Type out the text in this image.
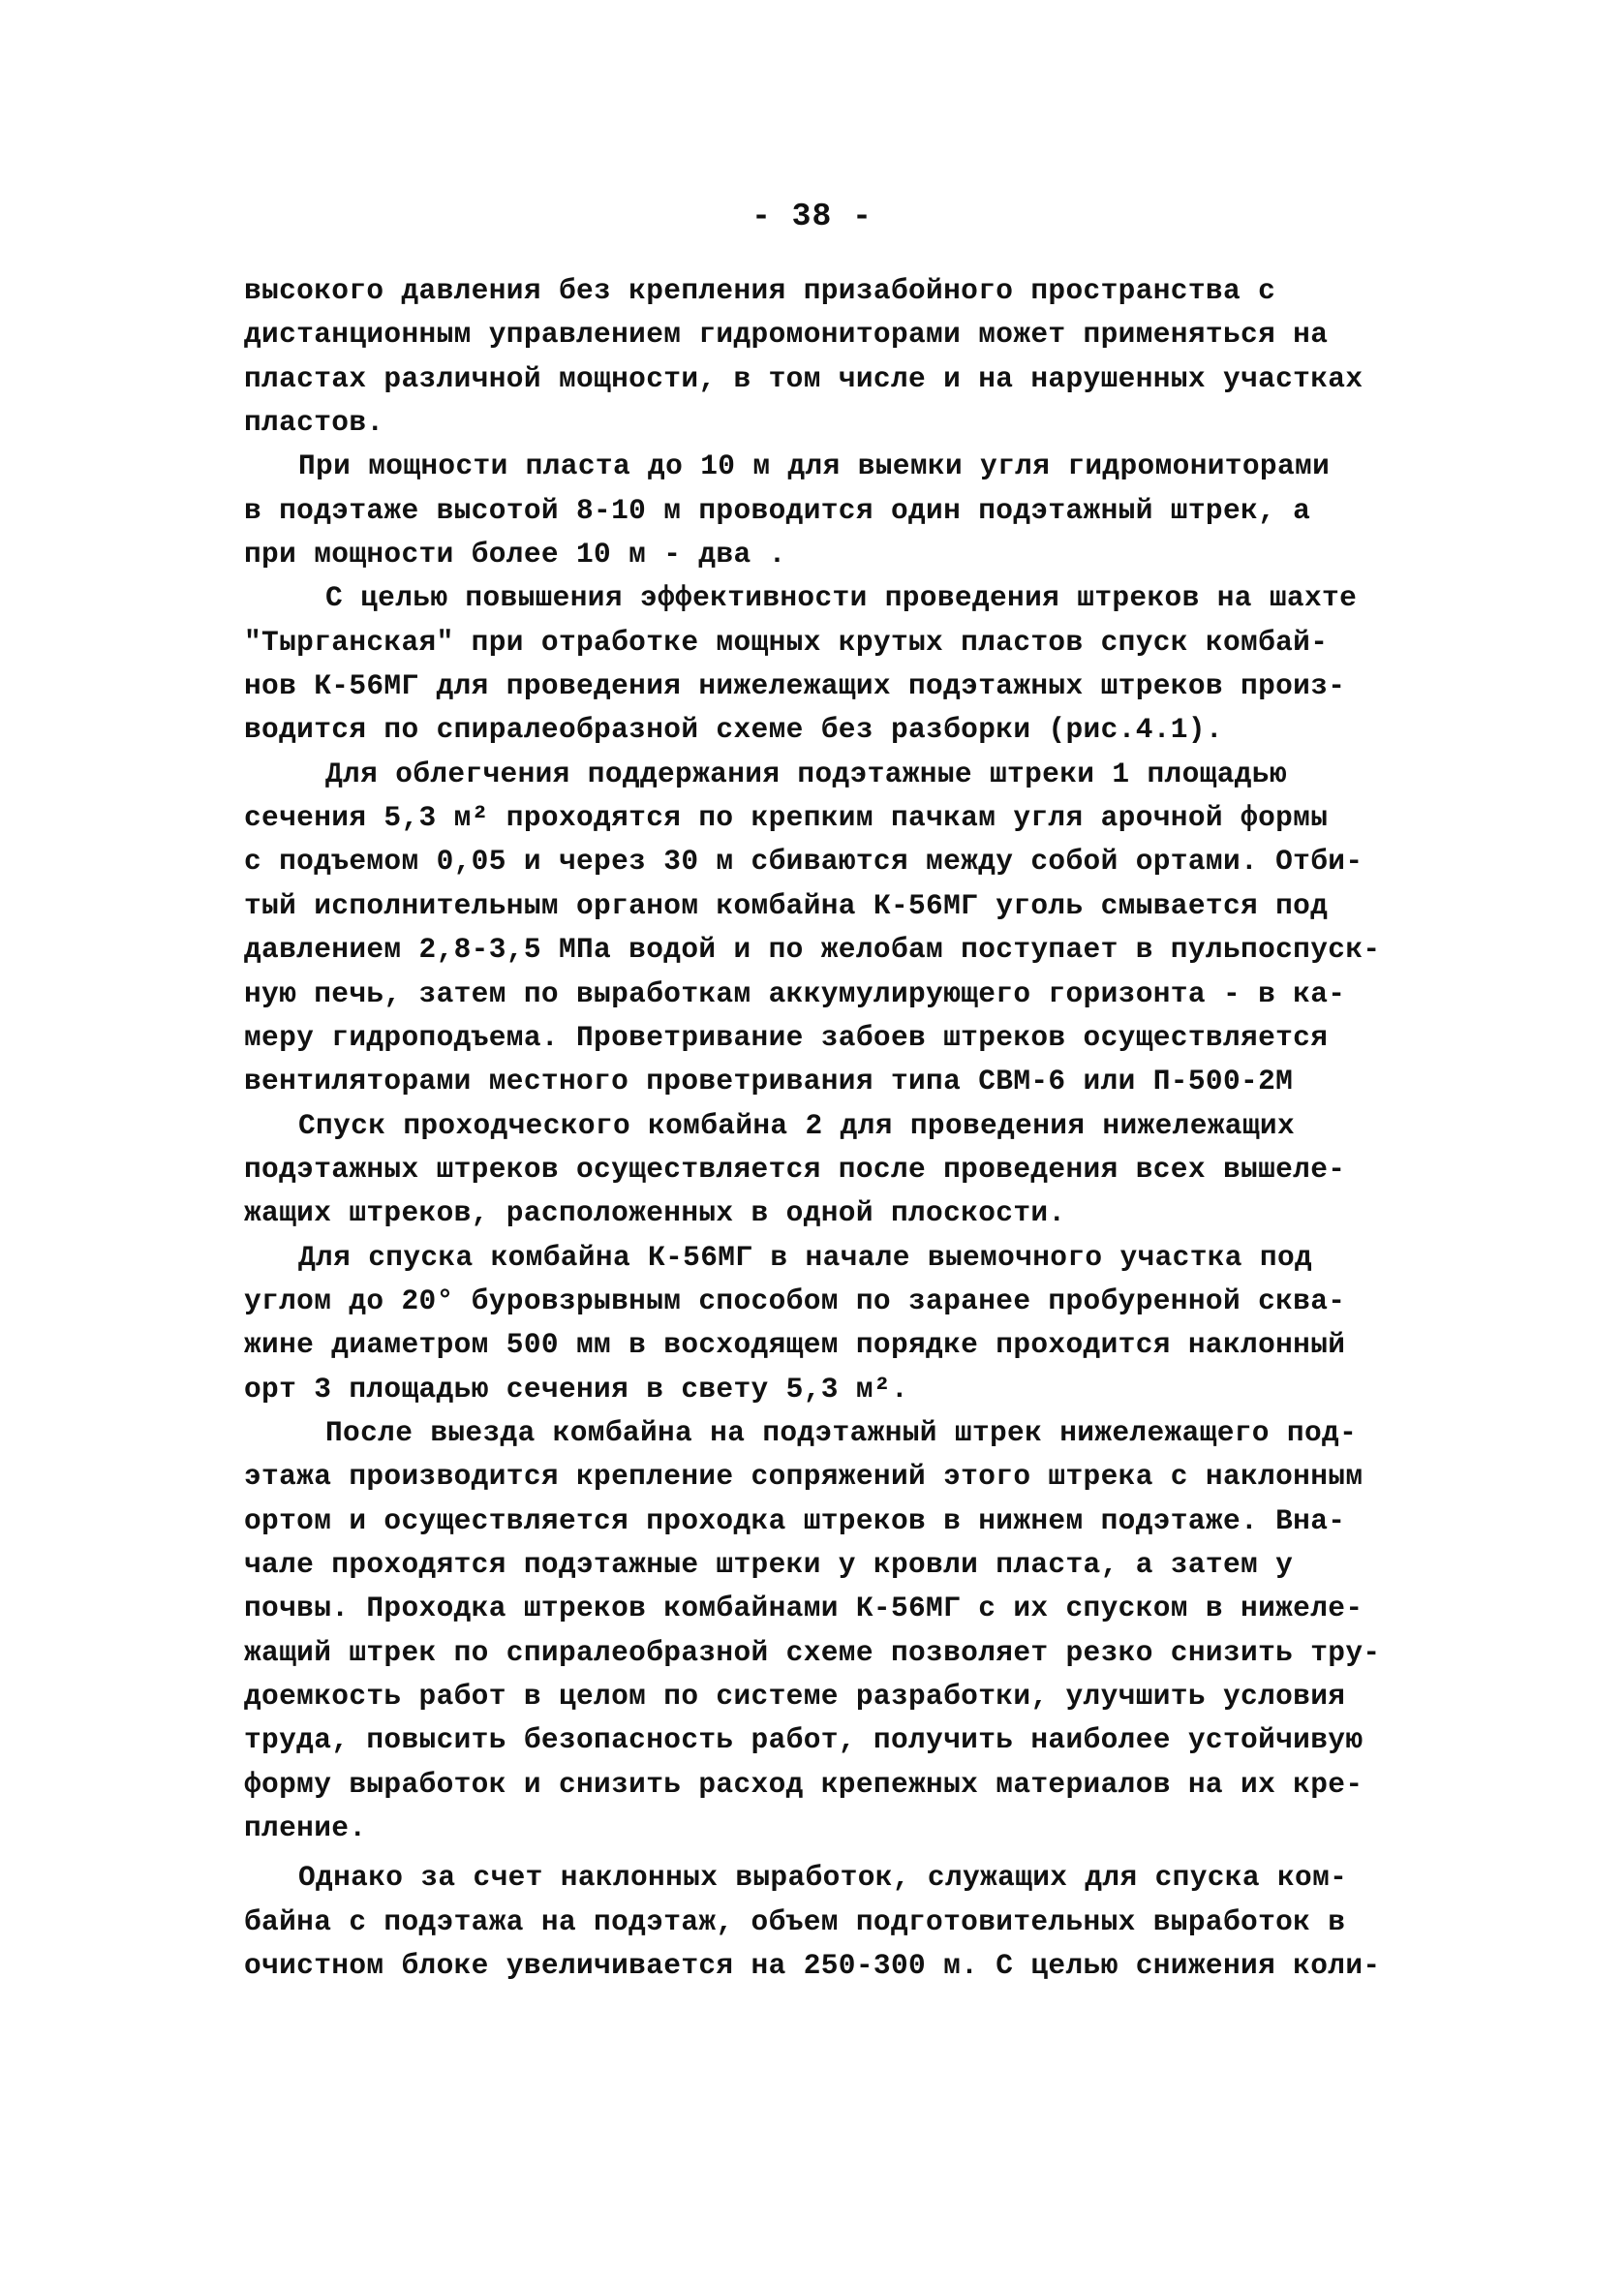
- 38 -
высокого давления без крепления призабойного пространства с
дистанционным управлением гидромониторами может применяться на
пластах различной мощности, в том числе и на нарушенных участках
пластов.
При мощности пласта до 10 м для выемки угля гидромониторами
в подэтаже высотой 8-10 м проводится один подэтажный штрек, а
при мощности более 10 м - два .
С целью повышения эффективности проведения штреков на шахте
"Тырганская" при отработке мощных крутых пластов спуск комбай-
нов К-56МГ для проведения нижележащих подэтажных штреков произ-
водится по спиралеобразной схеме без разборки (рис.4.1).
Для облегчения поддержания подэтажные штреки 1 площадью
сечения 5,3 м² проходятся по крепким пачкам угля арочной формы
с подъемом 0,05 и через 30 м сбиваются между собой ортами. Отби-
тый исполнительным органом комбайна К-56МГ уголь смывается под
давлением 2,8-3,5 МПа водой и по желобам поступает в пульпоспуск-
ную печь, затем по выработкам аккумулирующего горизонта - в ка-
меру гидроподъема. Проветривание забоев штреков осуществляется
вентиляторами местного проветривания типа СВМ-6 или П-500-2М
Спуск проходческого комбайна 2 для проведения нижележащих
подэтажных штреков осуществляется после проведения всех вышеле-
жащих штреков, расположенных в одной плоскости.
Для спуска комбайна К-56МГ в начале выемочного участка под
углом до 20° буровзрывным способом по заранее пробуренной сква-
жине диаметром 500 мм в восходящем порядке проходится наклонный
орт 3 площадью сечения в свету 5,3 м².
После выезда комбайна на подэтажный штрек нижележащего под-
этажа производится крепление сопряжений этого штрека с наклонным
ортом и осуществляется проходка штреков в нижнем подэтаже. Вна-
чале проходятся подэтажные штреки у кровли пласта, а затем у
почвы. Проходка штреков комбайнами К-56МГ с их спуском в нижеле-
жащий штрек по спиралеобразной схеме позволяет резко снизить тру-
доемкость работ в целом по системе разработки, улучшить условия
труда, повысить безопасность работ, получить наиболее устойчивую
форму выработок и снизить расход крепежных материалов на их кре-
пление.
Однако за счет наклонных выработок, служащих для спуска ком-
байна с подэтажа на подэтаж, объем подготовительных выработок в
очистном блоке увеличивается на 250-300 м. С целью снижения коли-
